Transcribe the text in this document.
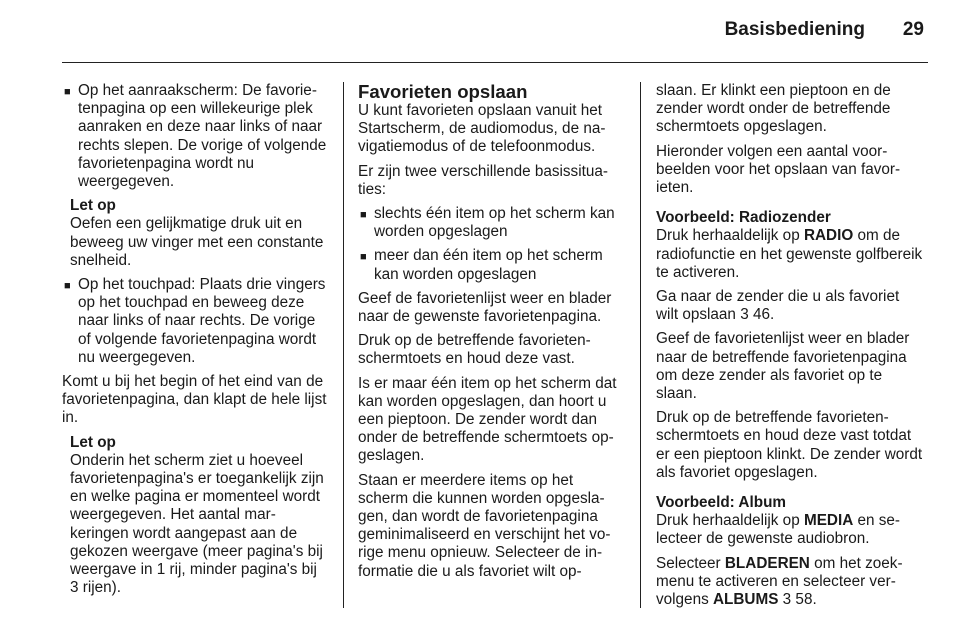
Basisbediening 29
■ Op het aanraakscherm: De favorietenpagina op een willekeurige plek aanraken en deze naar links of naar rechts slepen. De vorige of volgende favorietenpagina wordt nu weergegeven.
Let op
Oefen een gelijkmatige druk uit en beweeg uw vinger met een constante snelheid.
■ Op het touchpad: Plaats drie vingers op het touchpad en beweeg deze naar links of naar rechts. De vorige of volgende favorietenpagina wordt nu weergegeven.

Komt u bij het begin of het eind van de favorietenpagina, dan klapt de hele lijst in.

Let op
Onderin het scherm ziet u hoeveel favorietenpagina's er toegankelijk zijn en welke pagina er momenteel wordt weergegeven. Het aantal markeringen wordt aangepast aan de gekozen weergave (meer pagina's bij weergave in 1 rij, minder pagina's bij 3 rijen).
Favorieten opslaan

U kunt favorieten opslaan vanuit het Startscherm, de audiomodus, de navigatiemodus of de telefoonmodus.

Er zijn twee verschillende basissituaties:

■ slechts één item op het scherm kan worden opgeslagen
■ meer dan één item op het scherm kan worden opgeslagen

Geef de favorietenlijst weer en blader naar de gewenste favorietenpagina.

Druk op de betreffende favorietenschermtoets en houd deze vast.

Is er maar één item op het scherm dat kan worden opgeslagen, dan hoort u een pieptoon. De zender wordt dan onder de betreffende schermtoets opgeslagen.

Staan er meerdere items op het scherm die kunnen worden opgeslagen, dan wordt de favorietenpagina geminimaliseerd en verschijnt het vorige menu opnieuw. Selecteer de informatie die u als favoriet wilt op-

slaan. Er klinkt een pieptoon en de zender wordt onder de betreffende schermtoets opgeslagen.

Hieronder volgen een aantal voorbeelden voor het opslaan van favorieten.

Voorbeeld: Radiozender

Druk herhaaldelijk op RADIO om de radiofunctie en het gewenste golfbereik te activeren.

Ga naar de zender die u als favoriet wilt opslaan 3 46.

Geef de favorietenlijst weer en blader naar de betreffende favorietenpagina om deze zender als favoriet op te slaan.

Druk op de betreffende favorietenschermtoets en houd deze vast totdat er een pieptoon klinkt. De zender wordt als favoriet opgeslagen.

Voorbeeld: Album

Druk herhaaldelijk op MEDIA en selecteer de gewenste audiobron.

Selecteer BLADEREN om het zoekmenu te activeren en selecteer vervolgens ALBUMS 3 58.
